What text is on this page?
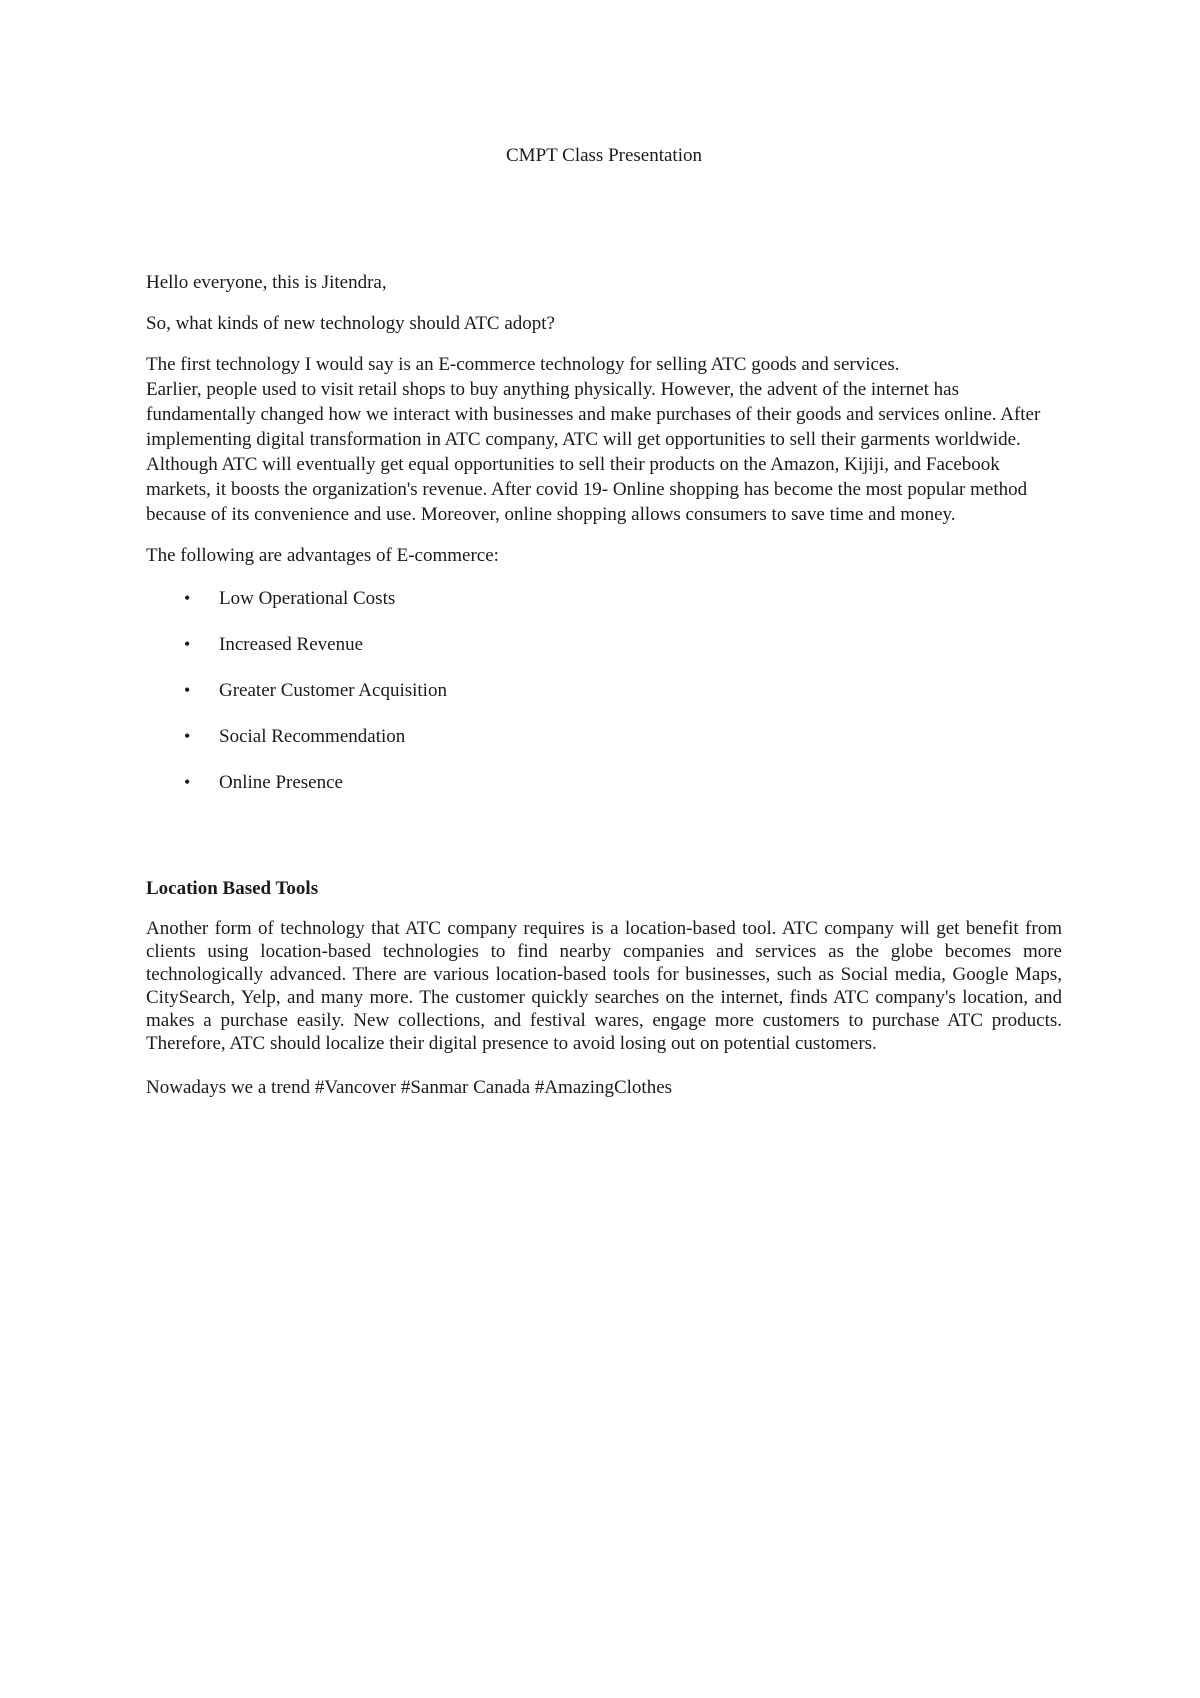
CMPT Class Presentation

Hello everyone, this is Jitendra,

So, what kinds of new technology should ATC adopt?

The first technology I would say is an E-commerce technology for selling ATC goods and services.
Earlier, people used to visit retail shops to buy anything physically. However, the advent of the internet has fundamentally changed how we interact with businesses and make purchases of their goods and services online. After implementing digital transformation in ATC company, ATC will get opportunities to sell their garments worldwide. Although ATC will eventually get equal opportunities to sell their products on the Amazon, Kijiji, and Facebook markets, it boosts the organization's revenue. After covid 19- Online shopping has become the most popular method because of its convenience and use. Moreover, online shopping allows consumers to save time and money.

The following are advantages of E-commerce:

• Low Operational Costs
• Increased Revenue
• Greater Customer Acquisition
• Social Recommendation
• Online Presence

Location Based Tools

Another form of technology that ATC company requires is a location-based tool. ATC company will get benefit from clients using location-based technologies to find nearby companies and services as the globe becomes more technologically advanced. There are various location-based tools for businesses, such as Social media, Google Maps, CitySearch, Yelp, and many more. The customer quickly searches on the internet, finds ATC company's location, and makes a purchase easily. New collections, and festival wares, engage more customers to purchase ATC products. Therefore, ATC should localize their digital presence to avoid losing out on potential customers.

Nowadays we a trend #Vancover #Sanmar Canada #AmazingClothes
